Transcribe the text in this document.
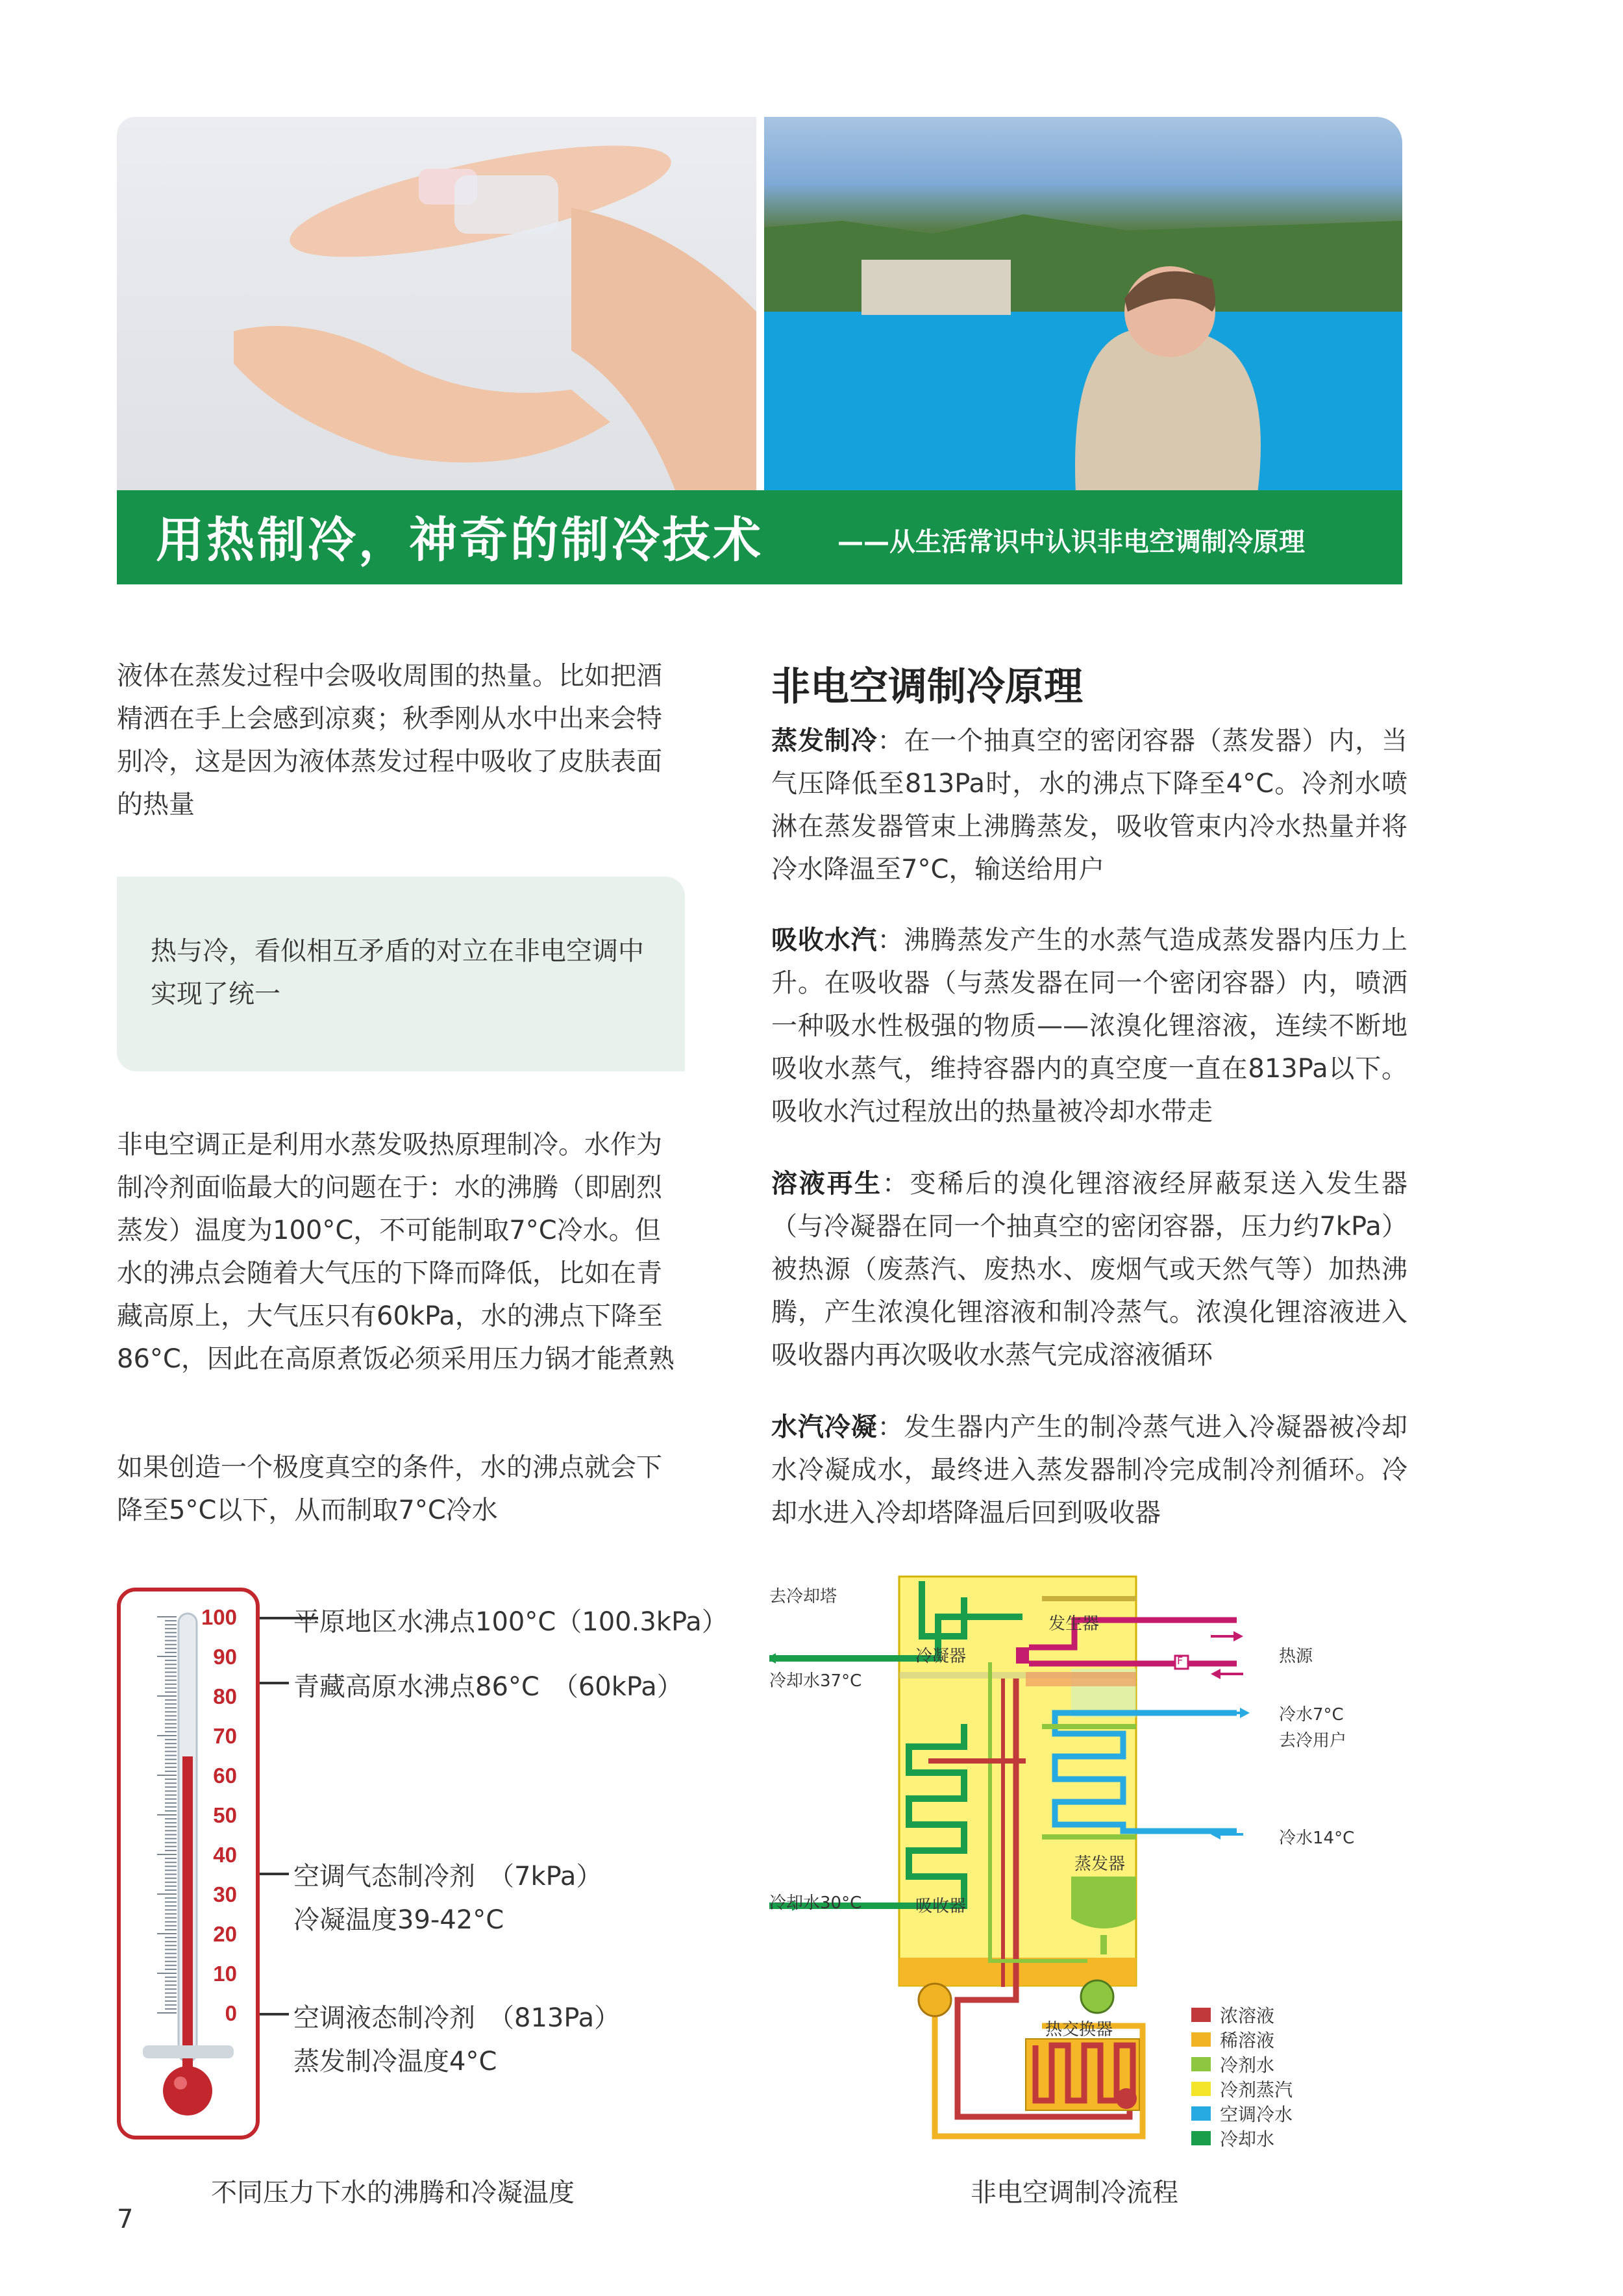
用热制冷，神奇的制冷技术	——从生活常识中认识非电空调制冷原理
液体在蒸发过程中会吸收周围的热量。比如把酒精洒在手上会感到凉爽；秋季刚从水中出来会特别冷，这是因为液体蒸发过程中吸收了皮肤表面的热量
热与冷，看似相互矛盾的对立在非电空调中实现了统一
非电空调正是利用水蒸发吸热原理制冷。水作为制冷剂面临最大的问题在于：水的沸腾（即剧烈蒸发）温度为100°C，不可能制取7°C冷水。但水的沸点会随着大气压的下降而降低，比如在青藏高原上，大气压只有60kPa，水的沸点下降至86°C，因此在高原煮饭必须采用压力锅才能煮熟
如果创造一个极度真空的条件，水的沸点就会下降至5°C以下，从而制取7°C冷水
非电空调制冷原理
蒸发制冷：在一个抽真空的密闭容器（蒸发器）内，当气压降低至813Pa时，水的沸点下降至4°C。冷剂水喷淋在蒸发器管束上沸腾蒸发，吸收管束内冷水热量并将冷水降温至7°C，输送给用户
吸收水汽：沸腾蒸发产生的水蒸气造成蒸发器内压力上升。在吸收器（与蒸发器在同一个密闭容器）内，喷洒一种吸水性极强的物质——浓溴化锂溶液，连续不断地吸收水蒸气，维持容器内的真空度一直在813Pa以下。吸收水汽过程放出的热量被冷却水带走
溶液再生：变稀后的溴化锂溶液经屏蔽泵送入发生器（与冷凝器在同一个抽真空的密闭容器，压力约7kPa）被热源（废蒸汽、废热水、废烟气或天然气等）加热沸腾，产生浓溴化锂溶液和制冷蒸气。浓溴化锂溶液进入吸收器内再次吸收水蒸气完成溶液循环
水汽冷凝：发生器内产生的制冷蒸气进入冷凝器被冷却水冷凝成水，最终进入蒸发器制冷完成制冷剂循环。冷却水进入冷却塔降温后回到吸收器
100
90
80
70
60
50
40
30
20
10
0
平原地区水沸点100°C（100.3kPa）
青藏高原水沸点86°C　（60kPa）
空调气态制冷剂　（7kPa）
冷凝温度39-42°C
空调液态制冷剂　（813Pa）
蒸发制冷温度4°C
不同压力下水的沸腾和冷凝温度
去冷却塔
冷却水37°C
冷凝器
发生器
F	热源
冷水7°C
去冷用户
冷水14°C
蒸发器
冷却水30°C	吸收器
热交换器
浓溶液
稀溶液
冷剂水
冷剂蒸汽
空调冷水
冷却水
非电空调制冷流程
7
